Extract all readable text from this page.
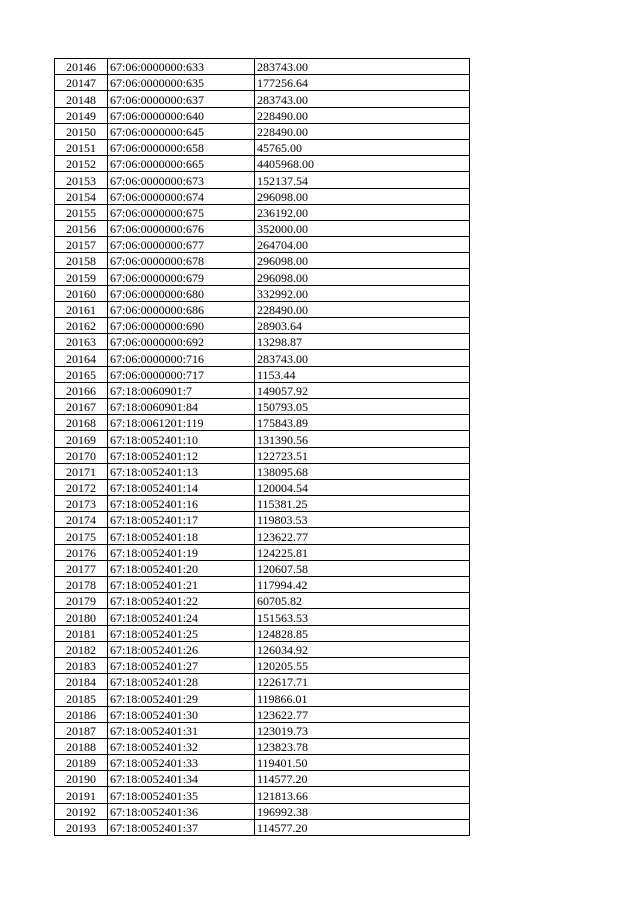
20146	67:06:0000000:633	283743.00
20147	67:06:0000000:635	177256.64
20148	67:06:0000000:637	283743.00
20149	67:06:0000000:640	228490.00
20150	67:06:0000000:645	228490.00
20151	67:06:0000000:658	45765.00
20152	67:06:0000000:665	4405968.00
20153	67:06:0000000:673	152137.54
20154	67:06:0000000:674	296098.00
20155	67:06:0000000:675	236192.00
20156	67:06:0000000:676	352000.00
20157	67:06:0000000:677	264704.00
20158	67:06:0000000:678	296098.00
20159	67:06:0000000:679	296098.00
20160	67:06:0000000:680	332992.00
20161	67:06:0000000:686	228490.00
20162	67:06:0000000:690	28903.64
20163	67:06:0000000:692	13298.87
20164	67:06:0000000:716	283743.00
20165	67:06:0000000:717	1153.44
20166	67:18:0060901:7	149057.92
20167	67:18:0060901:84	150793.05
20168	67:18:0061201:119	175843.89
20169	67:18:0052401:10	131390.56
20170	67:18:0052401:12	122723.51
20171	67:18:0052401:13	138095.68
20172	67:18:0052401:14	120004.54
20173	67:18:0052401:16	115381.25
20174	67:18:0052401:17	119803.53
20175	67:18:0052401:18	123622.77
20176	67:18:0052401:19	124225.81
20177	67:18:0052401:20	120607.58
20178	67:18:0052401:21	117994.42
20179	67:18:0052401:22	60705.82
20180	67:18:0052401:24	151563.53
20181	67:18:0052401:25	124828.85
20182	67:18:0052401:26	126034.92
20183	67:18:0052401:27	120205.55
20184	67:18:0052401:28	122617.71
20185	67:18:0052401:29	119866.01
20186	67:18:0052401:30	123622.77
20187	67:18:0052401:31	123019.73
20188	67:18:0052401:32	123823.78
20189	67:18:0052401:33	119401.50
20190	67:18:0052401:34	114577.20
20191	67:18:0052401:35	121813.66
20192	67:18:0052401:36	196992.38
20193	67:18:0052401:37	114577.20
